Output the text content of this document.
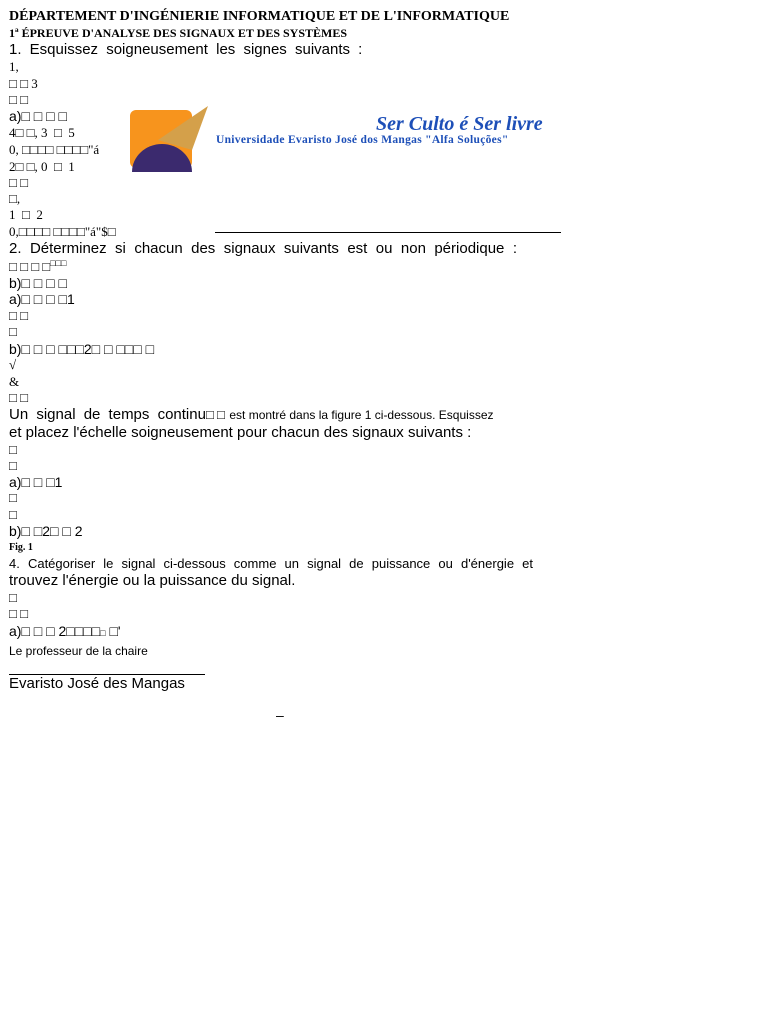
DÉPARTEMENT D'INGÉNIERIE INFORMATIQUE ET DE L'INFORMATIQUE
1ª ÉPREUVE D'ANALYSE DES SIGNAUX ET DES SYSTÈMES
1. Esquissez soigneusement les signes suivants :
1,
□ □ 3
□ □
a)□ □ □ □
4□ □, 3  □  5
0, □□□□ □□□□"á
2□ □, 0  □  1
□ □
□,
1  □  2
0,□□□□ □□□□"á"$□
Ser Culto é Ser livre
Universidade Evaristo José dos Mangas "Alfa Soluções"
2. Déterminez si chacun des signaux suivants est ou non périodique :
□ □ □ □□□□
b)□ □ □ □
a)□ □ □ □1
□ □
□
b)□ □ □ □□□2□ □ □□□ □
√
&
□ □
Un signal de temps continu□ □ est montré dans la figure 1 ci-dessous. Esquissez
et placez l'échelle soigneusement pour chacun des signaux suivants :
□
□
a)□ □ □1
□
□
b)□ □2□ □ 2
Fig. 1
4. Catégoriser le signal ci-dessous comme un signal de puissance ou d'énergie et
trouvez l'énergie ou la puissance du signal.
□
□ □
a)□ □ □ 2□□□□□ □'
Le professeur de la chaire
Evaristo José des Mangas
–
